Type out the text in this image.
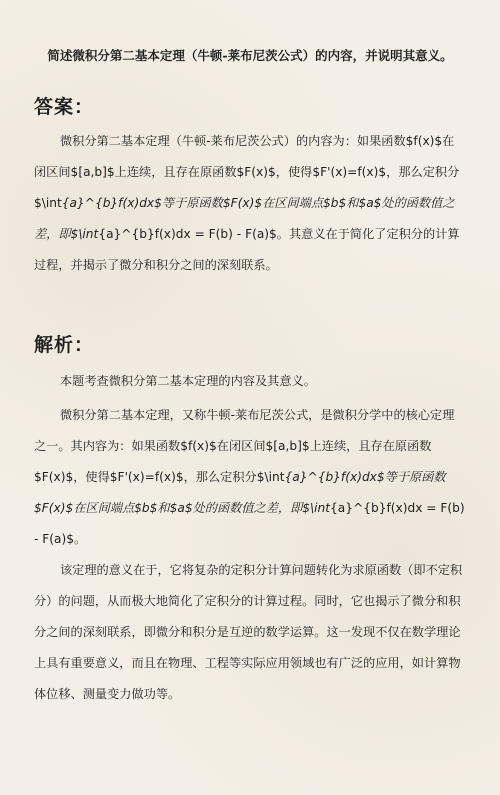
简述微积分第二基本定理（牛顿-莱布尼茨公式）的内容，并说明其意义。
答案：

微积分第二基本定理（牛顿-莱布尼茨公式）的内容为：如果函数$f(x)$在闭区间$[a,b]$上连续，且存在原函数$F(x)$，使得$F'(x)=f(x)$，那么定积分$\int{a}^{b}f(x)dx$等于原函数$F(x)$在区间端点$b$和$a$处的函数值之差，即$\int{a}^{b}f(x)dx = F(b) - F(a)$。其意义在于简化了定积分的计算过程，并揭示了微分和积分之间的深刻联系。

解析：

本题考查微积分第二基本定理的内容及其意义。

微积分第二基本定理，又称牛顿-莱布尼茨公式，是微积分学中的核心定理之一。其内容为：如果函数$f(x)$在闭区间$[a,b]$上连续，且存在原函数$F(x)$，使得$F'(x)=f(x)$，那么定积分$\int{a}^{b}f(x)dx$等于原函数$F(x)$在区间端点$b$和$a$处的函数值之差，即$\int{a}^{b}f(x)dx = F(b) - F(a)$。

该定理的意义在于，它将复杂的定积分计算问题转化为求原函数（即不定积分）的问题，从而极大地简化了定积分的计算过程。同时，它也揭示了微分和积分之间的深刻联系，即微分和积分是互逆的数学运算。这一发现不仅在数学理论上具有重要意义，而且在物理、工程等实际应用领域也有广泛的应用，如计算物体位移、测量变力做功等。
